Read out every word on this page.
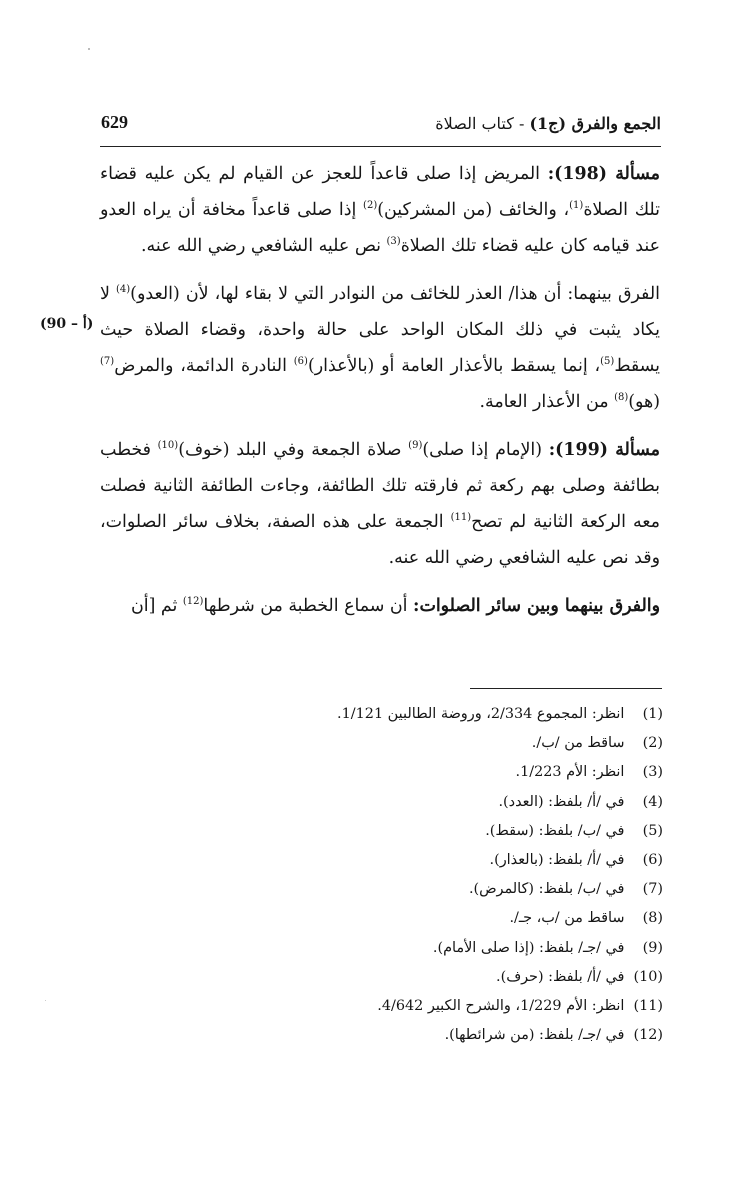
629	الجمع والفرق (ج1) - كتاب الصلاة
(90 – أ)

مسألة (198): المريض إذا صلى قاعداً للعجز عن القيام لم يكن عليه قضاء تلك الصلاة$^{(1)}$، والخائف (من المشركين)$^{(2)}$ إذا صلى قاعداً مخافة أن يراه العدو عند قيامه كان عليه قضاء تلك الصلاة$^{(3)}$ نص عليه الشافعي رضي الله عنه.

الفرق بينهما: أن هذا/ العذر للخائف من النوادر التي لا بقاء لها، لأن (العدو)$^{(4)}$ لا يكاد يثبت في ذلك المكان الواحد على حالة واحدة، وقضاء الصلاة حيث يسقط$^{(5)}$، إنما يسقط بالأعذار العامة أو (بالأعذار)$^{(6)}$ النادرة الدائمة، والمرض$^{(7)}$ (هو)$^{(8)}$ من الأعذار العامة.

مسألة (199): (الإمام إذا صلى)$^{(9)}$ صلاة الجمعة وفي البلد (خوف)$^{(10)}$ فخطب بطائفة وصلى بهم ركعة ثم فارقته تلك الطائفة، وجاءت الطائفة الثانية فصلت معه الركعة الثانية لم تصح$^{(11)}$ الجمعة على هذه الصفة، بخلاف سائر الصلوات، وقد نص عليه الشافعي رضي الله عنه.

والفرق بينهما وبين سائر الصلوات: أن سماع الخطبة من شرطها$^{(12)}$ ثم [أن

(1) انظر: المجموع 2/334، وروضة الطالبين 1/121.
(2) ساقط من /ب/.
(3) انظر: الأم 1/223.
(4) في /أ/ بلفظ: (العدد).
(5) في /ب/ بلفظ: (سقط).
(6) في /أ/ بلفظ: (بالعذار).
(7) في /ب/ بلفظ: (كالمرض).
(8) ساقط من /ب، جـ/.
(9) في /جـ/ بلفظ: (إذا صلى الأمام).
(10) في /أ/ بلفظ: (حرف).
(11) انظر: الأم 1/229، والشرح الكبير 4/642.
(12) في /جـ/ بلفظ: (من شرائطها).
